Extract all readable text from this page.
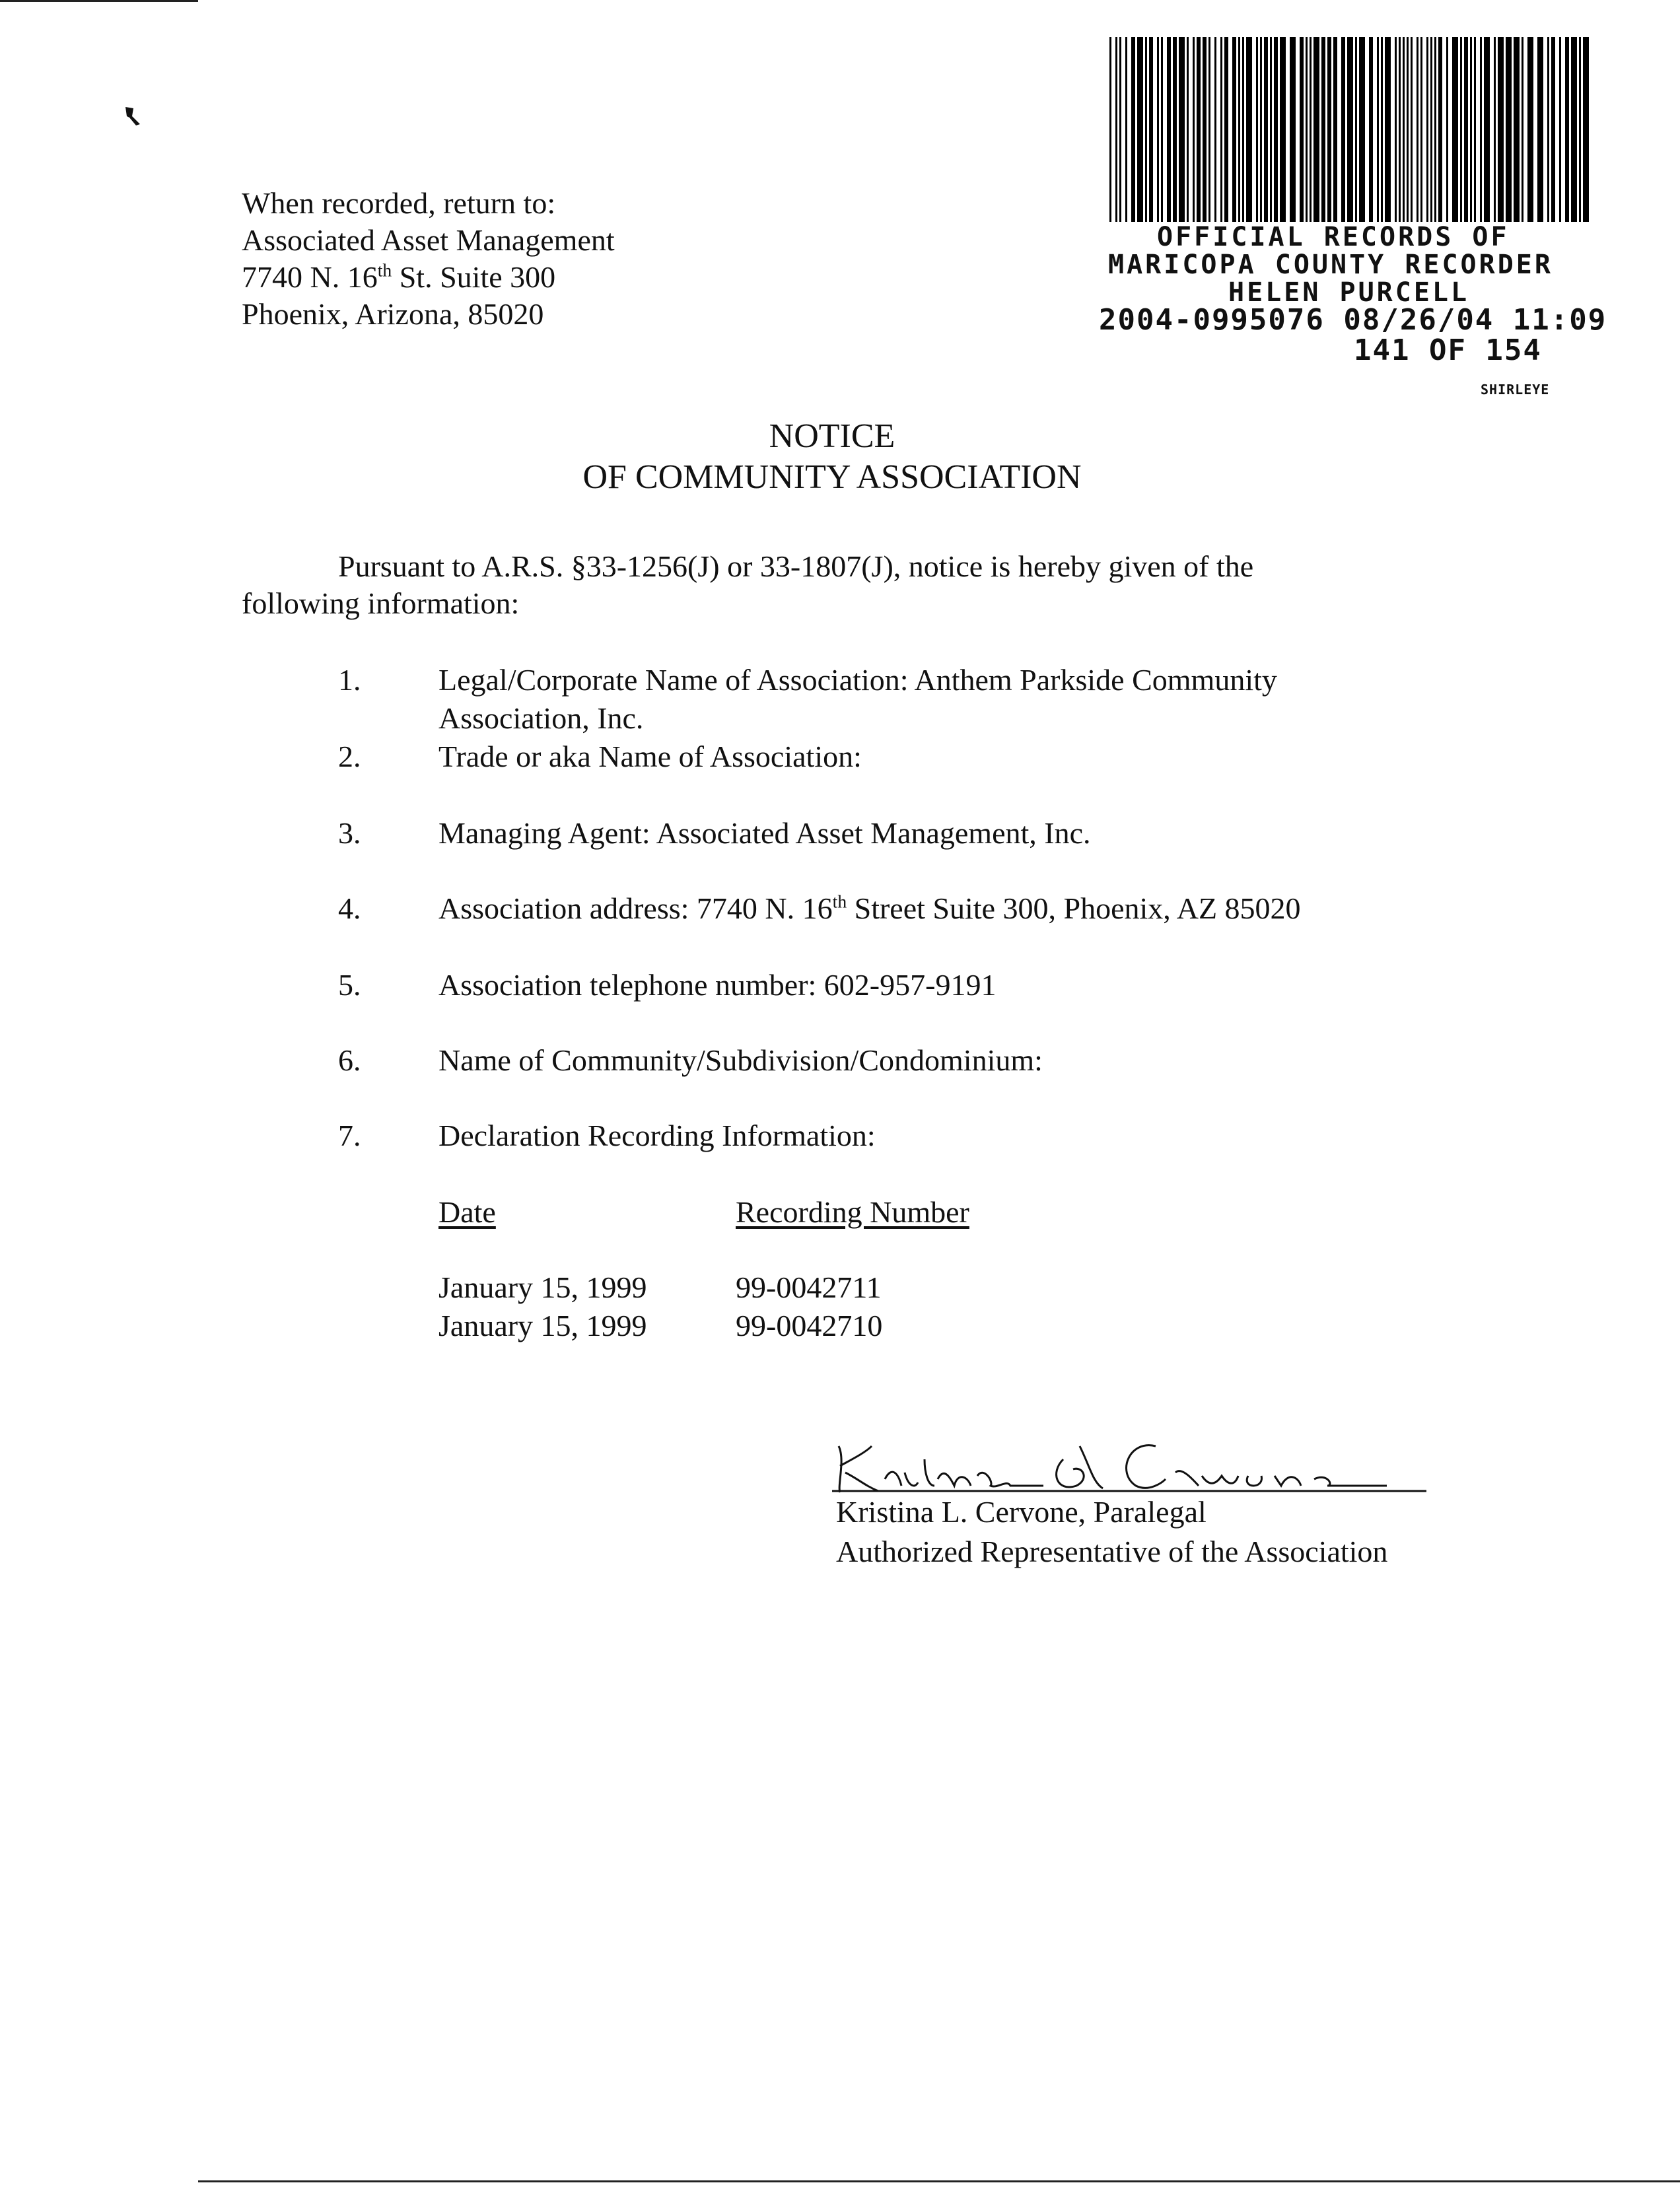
When recorded, return to:
Associated Asset Management
7740 N. 16th St. Suite 300
Phoenix, Arizona, 85020

OFFICIAL RECORDS OF

MARICOPA COUNTY RECORDER

HELEN PURCELL

2004-0995076 08/26/04 11:09

141 OF 154

SHIRLEYE

NOTICE
OF COMMUNITY ASSOCIATION
Pursuant to A.R.S. §33-1256(J) or 33-1807(J), notice is hereby given of the
following information:
1.	Legal/Corporate Name of Association: Anthem Parkside Community
Association, Inc.
2.	Trade or aka Name of Association:
3.	Managing Agent: Associated Asset Management, Inc.
4.	Association address: 7740 N. 16th Street Suite 300, Phoenix, AZ 85020
5.	Association telephone number: 602-957-9191
6.	Name of Community/Subdivision/Condominium:
7.	Declaration Recording Information:
Date	Recording Number
January 15, 1999	99-0042711
January 15, 1999	99-0042710
Kristina L. Cervone, Paralegal
Authorized Representative of the Association
